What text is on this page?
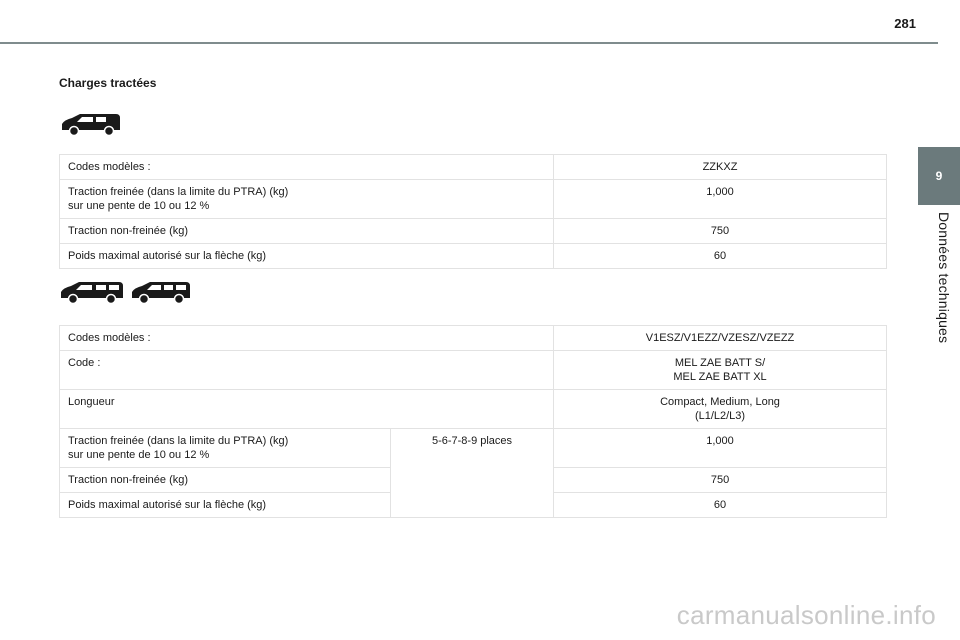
281
Charges tractées
9
Données techniques
Codes modèles :	ZZKXZ

Traction freinée (dans la limite du PTRA) (kg)
sur une pente de 10 ou 12 %	1,000
Traction non-freinée (kg)	750
Poids maximal autorisé sur la flèche (kg)	60
Codes modèles :		V1ESZ/V1EZZ/VZESZ/VZEZZ
Code :		MEL ZAE BATT S/
MEL ZAE BATT XL

Longueur		Compact, Medium, Long
(L1/L2/L3)

Traction freinée (dans la limite du PTRA) (kg)
sur une pente de 10 ou 12 %	5-6-7-8-9 places	1,000
Traction non-freinée (kg)		750
Poids maximal autorisé sur la flèche (kg)		60
carmanualsonline.info
